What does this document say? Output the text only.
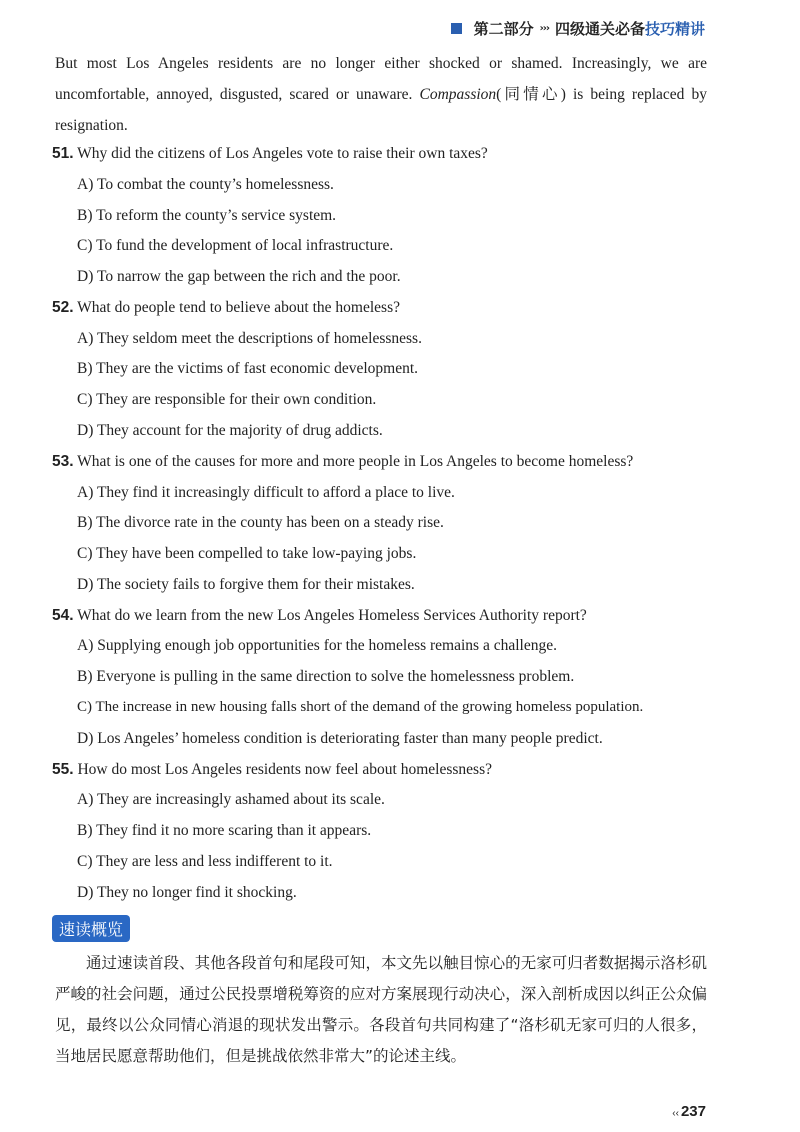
第二部分 ››› 四级通关必备 技巧精讲
But most Los Angeles residents are no longer either shocked or shamed. Increasingly, we are uncomfortable, annoyed, disgusted, scared or unaware. Compassion(同情心) is being replaced by resignation.
51. Why did the citizens of Los Angeles vote to raise their own taxes?
A) To combat the county’s homelessness.
B) To reform the county’s service system.
C) To fund the development of local infrastructure.
D) To narrow the gap between the rich and the poor.
52. What do people tend to believe about the homeless?
A) They seldom meet the descriptions of homelessness.
B) They are the victims of fast economic development.
C) They are responsible for their own condition.
D) They account for the majority of drug addicts.
53. What is one of the causes for more and more people in Los Angeles to become homeless?
A) They find it increasingly difficult to afford a place to live.
B) The divorce rate in the county has been on a steady rise.
C) They have been compelled to take low-paying jobs.
D) The society fails to forgive them for their mistakes.
54. What do we learn from the new Los Angeles Homeless Services Authority report?
A) Supplying enough job opportunities for the homeless remains a challenge.
B) Everyone is pulling in the same direction to solve the homelessness problem.
C) The increase in new housing falls short of the demand of the growing homeless population.
D) Los Angeles’ homeless condition is deteriorating faster than many people predict.
55. How do most Los Angeles residents now feel about homelessness?
A) They are increasingly ashamed about its scale.
B) They find it no more scaring than it appears.
C) They are less and less indifferent to it.
D) They no longer find it shocking.
速读概览
通过速读首段、其他各段首句和尾段可知，本文先以触目惊心的无家可归者数据揭示洛杉矶严峻的社会问题，通过公民投票增税筹资的应对方案展现行动决心，深入剖析成因以纠正公众偏见，最终以公众同情心消退的现状发出警示。各段首句共同构建了“洛杉矶无家可归的人很多，当地居民愿意帮助他们，但是挑战依然非常大”的论述主线。
‹‹ 237
